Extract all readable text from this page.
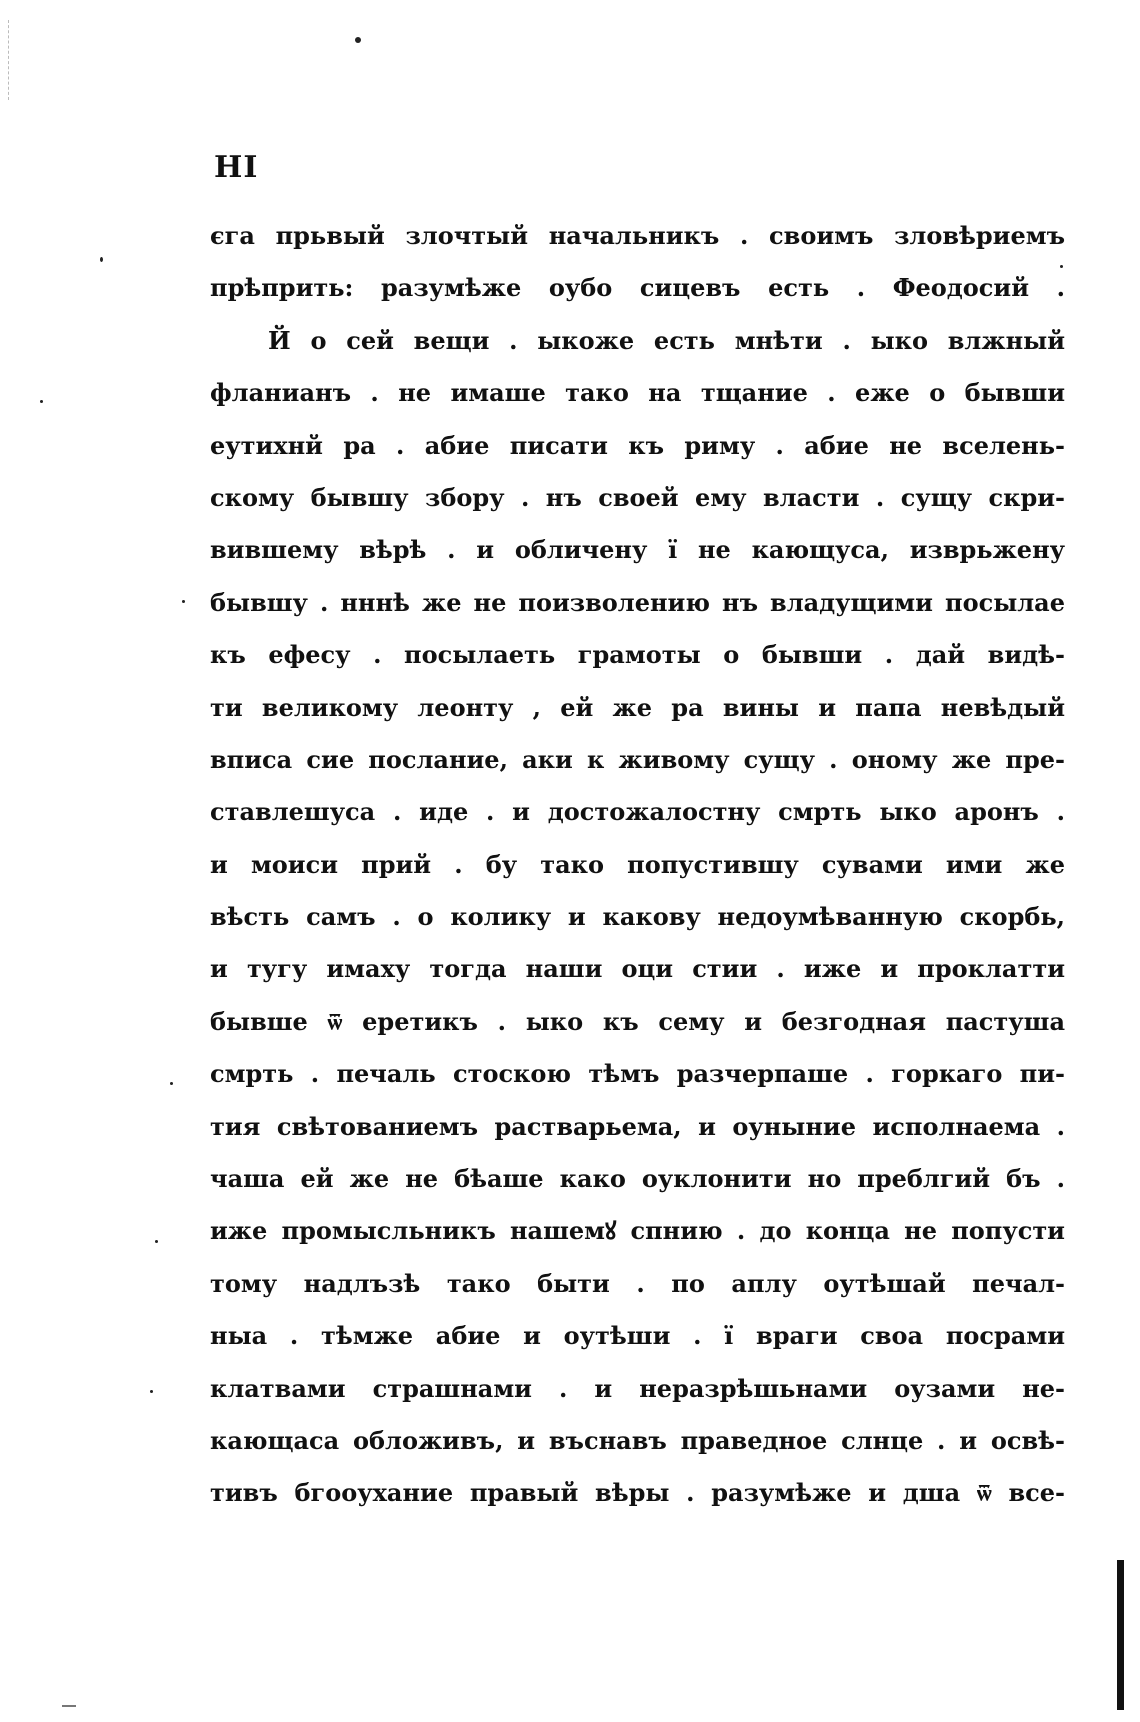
НІ
єга прьвый злочтый начальникъ . своимъ зловѣриемъ
прѣприть: разумѣже оубо сицевъ есть . Феодосий .
Й о сей вещи . ыкоже есть мнѣти . ыко влжный
фланианъ . не имаше тако на тщание . еже о бывши
еутихнй ра . абие писати къ риму . абие не вселень-
скому бывшу збору . нъ своей ему власти . сущу скри-
вившему вѣрѣ . и обличену ї не кающуса, изврьжену
бывшу . нннѣ же не поизволению нъ владущими посылае
къ ефесу . посылаеть грамоты о бывши . дай видѣ-
ти великому леонту , ей же ра вины и папа невѣдый
вписа сие послание, аки к живому сущу . оному же пре-
ставлешуса . иде . и достожалостну смрть ыко аронъ .
и моиси прий . бу тако попустившу сувами ими же
вѣсть самъ . о колику и какову недоумѣванную скорбь,
и тугу имаху тогда наши оци стии . иже и проклатти
бывше ѿ еретикъ . ыко къ сему и безгодная пастуша
смрть . печаль стоскою тѣмъ разчерпаше . горкаго пи-
тия свѣтованиемъ растварьема, и оуныние исполнаема .
чаша ей же не бѣаше како оуклонити но преблгий бъ .
иже промысльникъ нашемꙋ спнию . до конца не попусти
тому надлъзѣ тако быти . по аплу оутѣшай печал-
ныа . тѣмже абие и оутѣши . ї враги своа посрами
клатвами страшнами . и неразрѣшьнами оузами не-
кающаса обложивъ, и въснавъ праведное слнце . и освѣ-
тивъ бгооухание правый вѣры . разумѣже и дша ѿ все-
